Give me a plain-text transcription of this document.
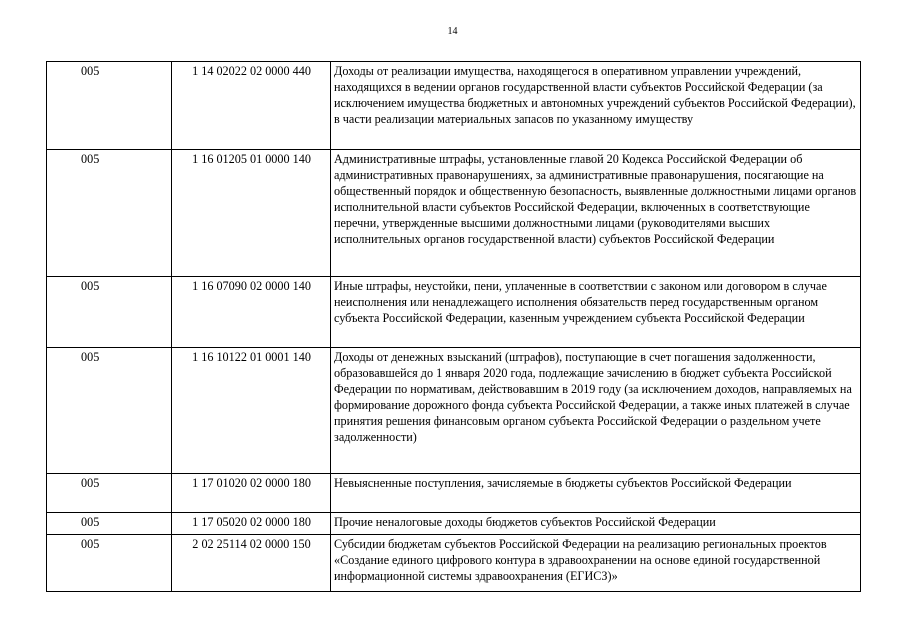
14
005	1 14 02022 02 0000 440	Доходы от реализации имущества, находящегося в оперативном управлении учреждений, находящихся в ведении органов государственной власти субъектов Российской Федерации (за исключением имущества бюджетных и автономных учреждений субъектов Российской Федерации), в части реализации материальных запасов по указанному имуществу
005	1 16 01205 01 0000 140	Административные штрафы, установленные главой 20 Кодекса Российской Федерации об административных правонарушениях, за административные правонарушения, посягающие на общественный порядок и общественную безопасность, выявленные должностными лицами органов исполнительной власти субъектов Российской Федерации, включенных в соответствующие перечни, утвержденные высшими должностными лицами (руководителями высших исполнительных органов государственной власти) субъектов Российской Федерации
005	1 16 07090 02 0000 140	Иные штрафы, неустойки, пени, уплаченные в соответствии с законом или договором в случае неисполнения или ненадлежащего исполнения обязательств перед государственным органом субъекта Российской Федерации, казенным учреждением субъекта Российской Федерации
005	1 16 10122 01 0001 140	Доходы от денежных взысканий (штрафов), поступающие в счет погашения задолженности, образовавшейся до 1 января 2020 года, подлежащие зачислению в бюджет субъекта Российской Федерации по нормативам, действовавшим в 2019 году (за исключением доходов, направляемых на формирование дорожного фонда субъекта Российской Федерации, а также иных платежей в случае принятия решения финансовым органом субъекта Российской Федерации о раздельном учете задолженности)
005	1 17 01020 02 0000 180	Невыясненные поступления, зачисляемые в бюджеты субъектов Российской Федерации
005	1 17 05020 02 0000 180	Прочие неналоговые доходы бюджетов субъектов Российской Федерации
005	2 02 25114 02 0000 150	Субсидии бюджетам субъектов Российской Федерации на реализацию региональных проектов «Создание единого цифрового контура в здравоохранении на основе единой государственной информационной системы здравоохранения (ЕГИСЗ)»
